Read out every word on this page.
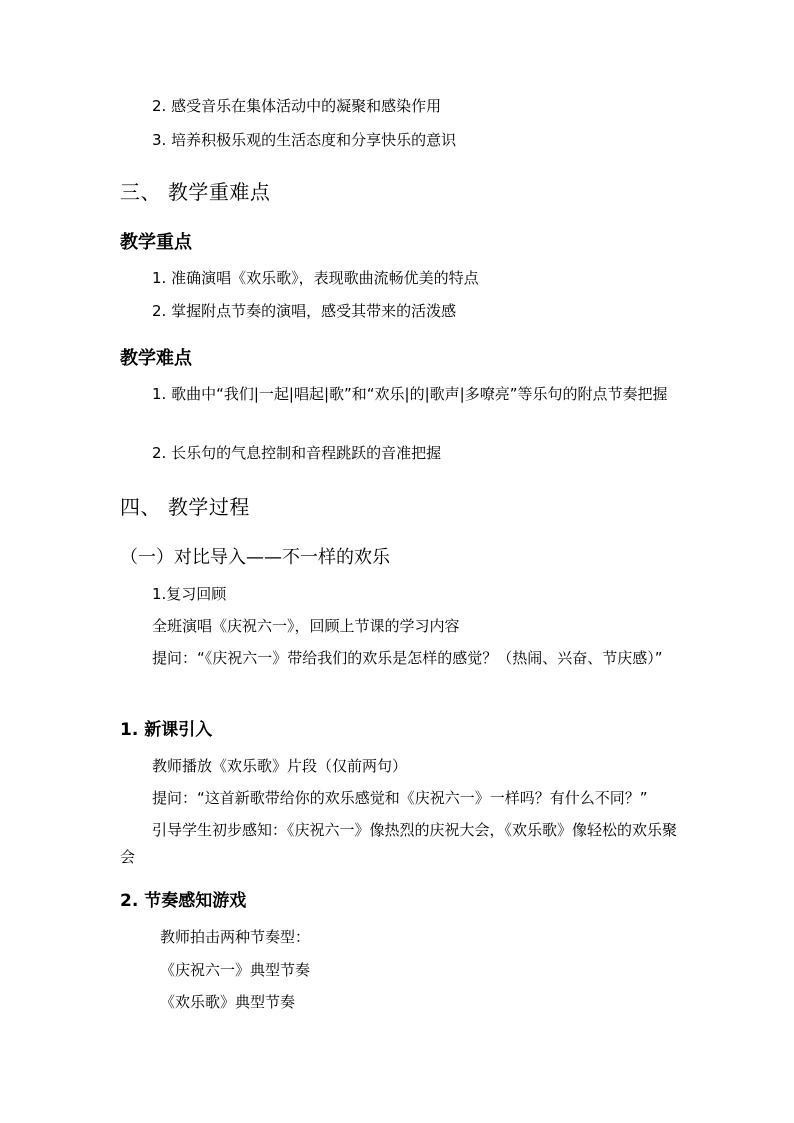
2. 感受音乐在集体活动中的凝聚和感染作用
3. 培养积极乐观的生活态度和分享快乐的意识
三、 教学重难点
教学重点
1. 准确演唱《欢乐歌》，表现歌曲流畅优美的特点
2. 掌握附点节奏的演唱，感受其带来的活泼感
教学难点
1. 歌曲中“我们|一起|唱起|歌”和“欢乐|的|歌声|多嘹亮”等乐句的附点节奏把握
2. 长乐句的气息控制和音程跳跃的音准把握
四、 教学过程
（一）对比导入——不一样的欢乐
1.复习回顾
全班演唱《庆祝六一》，回顾上节课的学习内容
提问：“《庆祝六一》带给我们的欢乐是怎样的感觉？（热闹、兴奋、节庆感）”
1. 新课引入
教师播放《欢乐歌》片段（仅前两句）
提问：“这首新歌带给你的欢乐感觉和《庆祝六一》一样吗？有什么不同？”
引导学生初步感知：《庆祝六一》像热烈的庆祝大会，《欢乐歌》像轻松的欢乐聚会
2. 节奏感知游戏
教师拍击两种节奏型：
《庆祝六一》典型节奏
《欢乐歌》典型节奏
